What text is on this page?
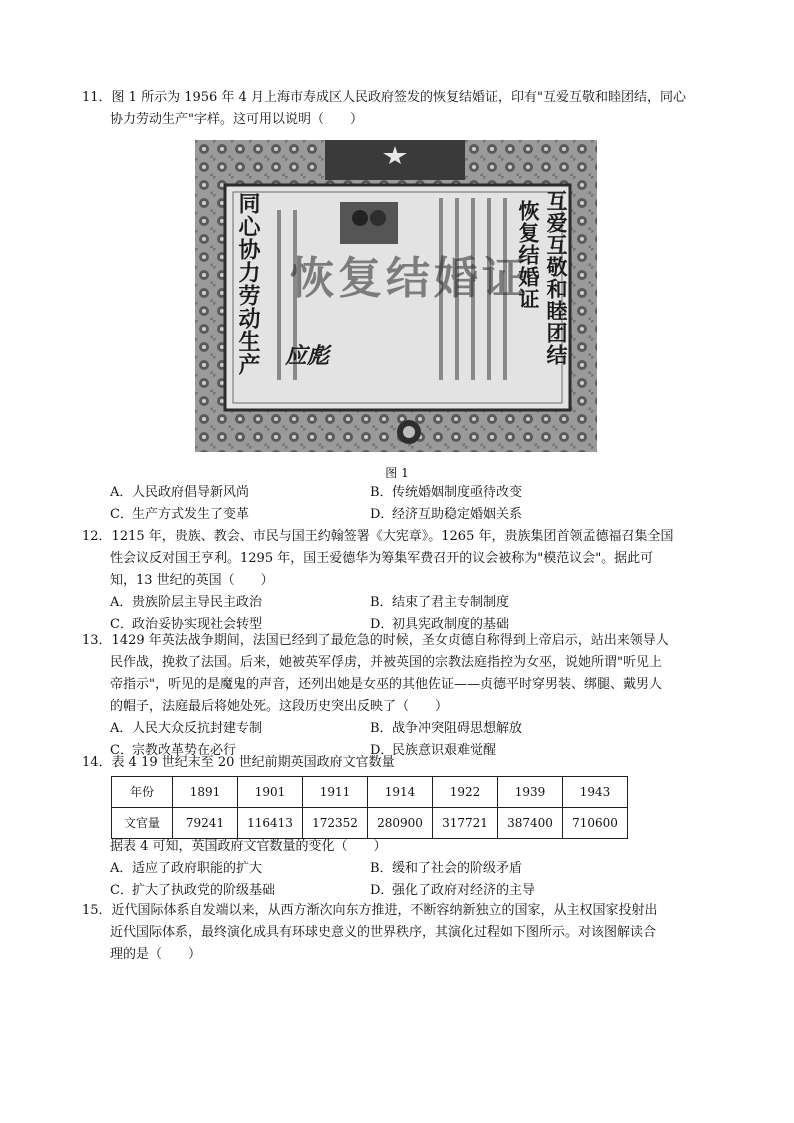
11．图 1 所示为 1956 年 4 月上海市寿成区人民政府签发的恢复结婚证，印有"互爱互敬和睦团结，同心

协力劳动生产"字样。这可用以说明（　　）

同心协力劳动生产	互爱互敬和睦团结
恢复结婚证
恢复结婚证
应彪
图 1
A．人民政府倡导新风尚	B．传统婚姻制度亟待改变
C．生产方式发生了变革	D．经济互助稳定婚姻关系

12．1215 年，贵族、教会、市民与国王约翰签署《大宪章》。1265 年，贵族集团首领孟德福召集全国

性会议反对国王亨利。1295 年，国王爱德华为筹集军费召开的议会被称为"模范议会"。据此可

知，13 世纪的英国（　　）

A．贵族阶层主导民主政治	B．结束了君主专制制度
C．政治妥协实现社会转型	D．初具宪政制度的基础

13．1429 年英法战争期间，法国已经到了最危急的时候，圣女贞德自称得到上帝启示，站出来领导人

民作战，挽救了法国。后来，她被英军俘虏，并被英国的宗教法庭指控为女巫，说她所谓"听见上

帝指示"，听见的是魔鬼的声音，还列出她是女巫的其他佐证——贞德平时穿男装、绑腿、戴男人

的帽子，法庭最后将她处死。这段历史突出反映了（　　）

A．人民大众反抗封建专制	B．战争冲突阻碍思想解放
C．宗教改革势在必行	D．民族意识艰难觉醒

14．表 4 19 世纪末至 20 世纪前期英国政府文官数量

年份	1891	1901	1911	1914	1922	1939	1943
文官量	79241	116413	172352	280900	317721	387400	710600

据表 4 可知，英国政府文官数量的变化（　　）

A．适应了政府职能的扩大	B．缓和了社会的阶级矛盾
C．扩大了执政党的阶级基础	D．强化了政府对经济的主导

15．近代国际体系自发端以来，从西方渐次向东方推进，不断容纳新独立的国家，从主权国家投射出

近代国际体系，最终演化成具有环球史意义的世界秩序，其演化过程如下图所示。对该图解读合

理的是（　　）
